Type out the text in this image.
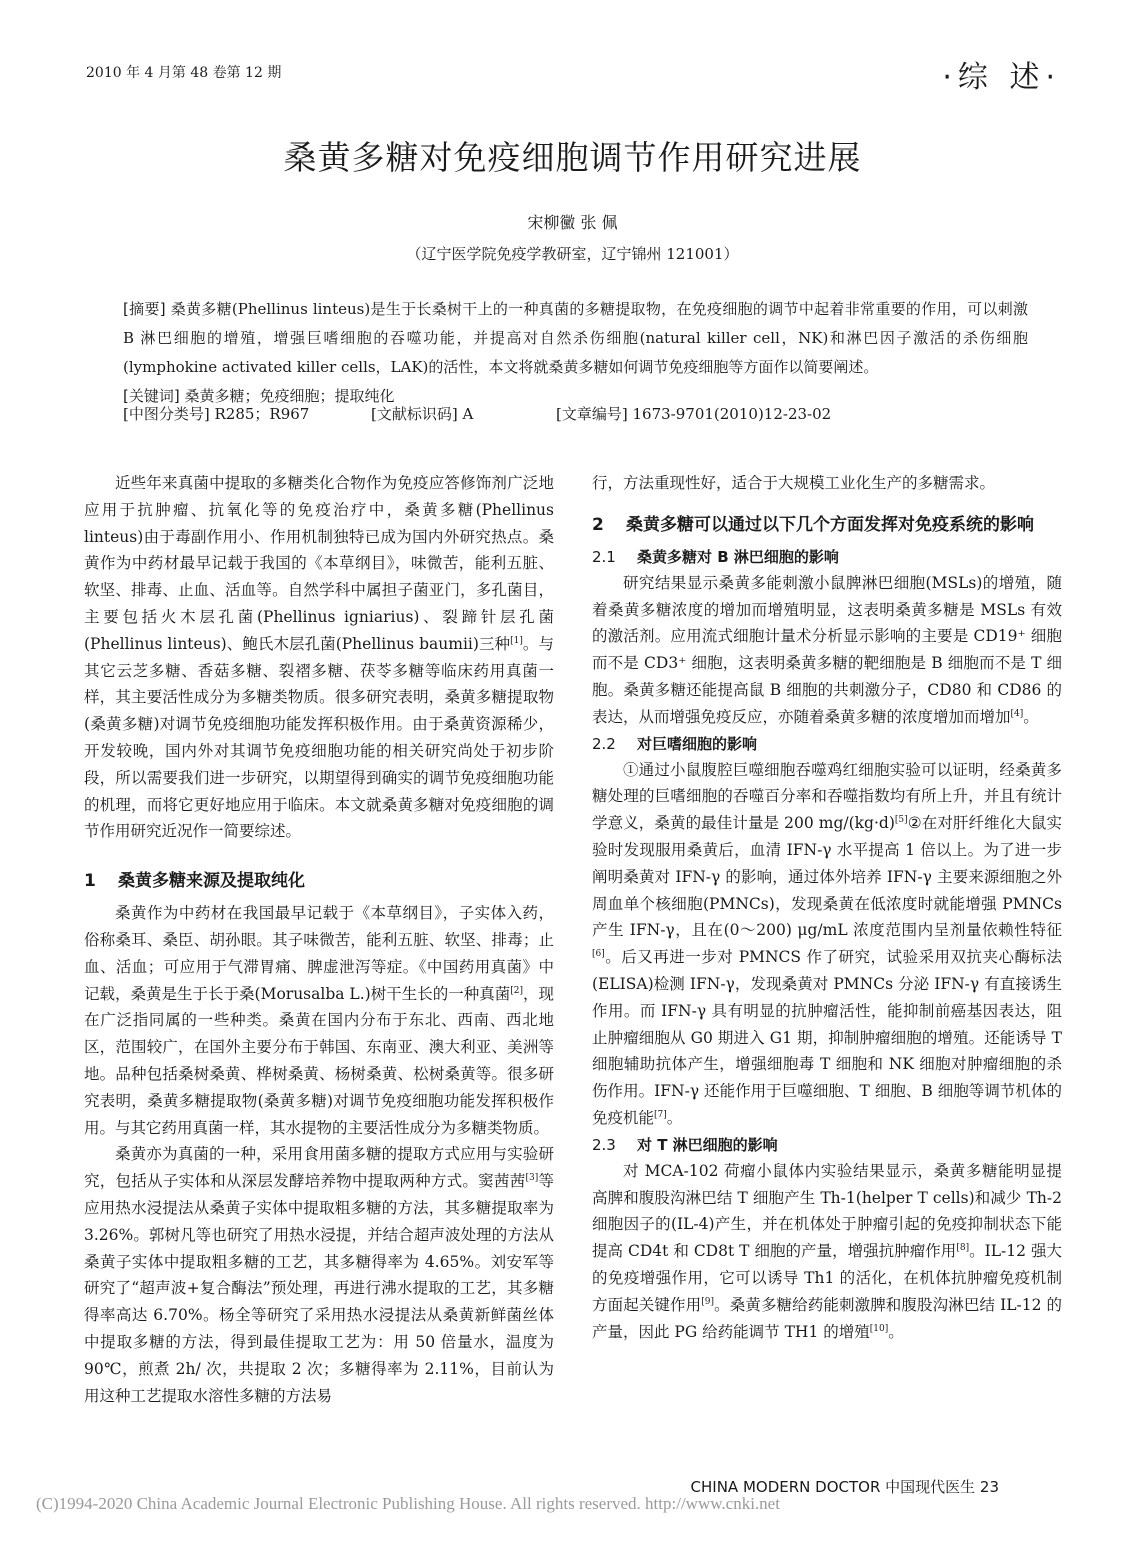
2010 年 4 月第 48 卷第 12 期	·综 述·
桑黄多糖对免疫细胞调节作用研究进展
宋柳黴 张 佩
（辽宁医学院免疫学教研室，辽宁锦州 121001）
[摘要] 桑黄多糖(Phellinus linteus)是生于长桑树干上的一种真菌的多糖提取物，在免疫细胞的调节中起着非常重要的作用，可以刺激 B 淋巴细胞的增殖，增强巨嗜细胞的吞噬功能，并提高对自然杀伤细胞(natural killer cell，NK)和淋巴因子激活的杀伤细胞(lymphokine activated killer cells，LAK)的活性，本文将就桑黄多糖如何调节免疫细胞等方面作以简要阐述。
[关键词] 桑黄多糖；免疫细胞；提取纯化
[中图分类号] R285；R967	[文献标识码] A	[文章编号] 1673-9701(2010)12-23-02

近些年来真菌中提取的多糖类化合物作为免疫应答修饰剂广泛地应用于抗肿瘤、抗氧化等的免疫治疗中，桑黄多糖(Phellinus linteus)由于毒副作用小、作用机制独特已成为国内外研究热点。桑黄作为中药材最早记载于我国的《本草纲目》，味微苦，能利五脏、软坚、排毒、止血、活血等。自然学科中属担子菌亚门，多孔菌目，主要包括火木层孔菌(Phellinus igniarius)、裂蹄针层孔菌(Phellinus linteus)、鲍氏木层孔菌(Phellinus baumii)三种[1]。与其它云芝多糖、香菇多糖、裂褶多糖、茯苓多糖等临床药用真菌一样，其主要活性成分为多糖类物质。很多研究表明，桑黄多糖提取物(桑黄多糖)对调节免疫细胞功能发挥积极作用。由于桑黄资源稀少，开发较晚，国内外对其调节免疫细胞功能的相关研究尚处于初步阶段，所以需要我们进一步研究，以期望得到确实的调节免疫细胞功能的机理，而将它更好地应用于临床。本文就桑黄多糖对免疫细胞的调节作用研究近况作一简要综述。

1 桑黄多糖来源及提取纯化

桑黄作为中药材在我国最早记载于《本草纲目》，子实体入药，俗称桑耳、桑臣、胡孙眼。其子味微苦，能利五脏、软坚、排毒；止血、活血；可应用于气滞胃痛、脾虚泄泻等症。《中国药用真菌》中记载，桑黄是生于长于桑(Morusalba L.)树干生长的一种真菌[2]，现在广泛指同属的一些种类。桑黄在国内分布于东北、西南、西北地区，范围较广，在国外主要分布于韩国、东南亚、澳大利亚、美洲等地。品种包括桑树桑黄、桦树桑黄、杨树桑黄、松树桑黄等。很多研究表明，桑黄多糖提取物(桑黄多糖)对调节免疫细胞功能发挥积极作用。与其它药用真菌一样，其水提物的主要活性成分为多糖类物质。

桑黄亦为真菌的一种，采用食用菌多糖的提取方式应用与实验研究，包括从子实体和从深层发酵培养物中提取两种方式。窦茜茜[3]等应用热水浸提法从桑黄子实体中提取粗多糖的方法，其多糖提取率为 3.26%。郭树凡等也研究了用热水浸提，并结合超声波处理的方法从桑黄子实体中提取粗多糖的工艺，其多糖得率为 4.65%。刘安军等研究了“超声波+复合酶法”预处理，再进行沸水提取的工艺，其多糖得率高达 6.70%。杨全等研究了采用热水浸提法从桑黄新鲜菌丝体中提取多糖的方法，得到最佳提取工艺为：用 50 倍量水，温度为 90℃，煎煮 2h/ 次，共提取 2 次；多糖得率为 2.11%，目前认为用这种工艺提取水溶性多糖的方法易

行，方法重现性好，适合于大规模工业化生产的多糖需求。

2 桑黄多糖可以通过以下几个方面发挥对免疫系统的影响
2.1 桑黄多糖对 B 淋巴细胞的影响

研究结果显示桑黄多能刺激小鼠脾淋巴细胞(MSLs)的增殖，随着桑黄多糖浓度的增加而增殖明显，这表明桑黄多糖是 MSLs 有效的激活剂。应用流式细胞计量术分析显示影响的主要是 CD19⁺ 细胞而不是 CD3⁺ 细胞，这表明桑黄多糖的靶细胞是 B 细胞而不是 T 细胞。桑黄多糖还能提高鼠 B 细胞的共刺激分子，CD80 和 CD86 的表达，从而增强免疫反应，亦随着桑黄多糖的浓度增加而增加[4]。

2.2 对巨嗜细胞的影响

①通过小鼠腹腔巨噬细胞吞噬鸡红细胞实验可以证明，经桑黄多糖处理的巨嗜细胞的吞噬百分率和吞噬指数均有所上升，并且有统计学意义，桑黄的最佳计量是 200 mg/(kg·d)[5]②在对肝纤维化大鼠实验时发现服用桑黄后，血清 IFN-γ 水平提高 1 倍以上。为了进一步阐明桑黄对 IFN-γ 的影响，通过体外培养 IFN-γ 主要来源细胞之外周血单个核细胞(PMNCs)，发现桑黄在低浓度时就能增强 PMNCs 产生 IFN-γ，且在(0～200) μg/mL 浓度范围内呈剂量依赖性特征[6]。后又再进一步对 PMNCS 作了研究，试验采用双抗夹心酶标法(ELISA)检测 IFN-γ，发现桑黄对 PMNCs 分泌 IFN-γ 有直接诱生作用。而 IFN-γ 具有明显的抗肿瘤活性，能抑制前癌基因表达，阻止肿瘤细胞从 G0 期进入 G1 期，抑制肿瘤细胞的增殖。还能诱导 T 细胞辅助抗体产生，增强细胞毒 T 细胞和 NK 细胞对肿瘤细胞的杀伤作用。IFN-γ 还能作用于巨噬细胞、T 细胞、B 细胞等调节机体的免疫机能[7]。

2.3 对 T 淋巴细胞的影响

对 MCA-102 荷瘤小鼠体内实验结果显示，桑黄多糖能明显提高脾和腹股沟淋巴结 T 细胞产生 Th-1(helper T cells)和减少 Th-2 细胞因子的(IL-4)产生，并在机体处于肿瘤引起的免疫抑制状态下能提高 CD4t 和 CD8t T 细胞的产量，增强抗肿瘤作用[8]。IL-12 强大的免疫增强作用，它可以诱导 Th1 的活化，在机体抗肿瘤免疫机制方面起关键作用[9]。桑黄多糖给药能刺激脾和腹股沟淋巴结 IL-12 的产量，因此 PG 给药能调节 TH1 的增殖[10]。

CHINA MODERN DOCTOR 中国现代医生 23
(C)1994-2020 China Academic Journal Electronic Publishing House. All rights reserved. http://www.cnki.net
